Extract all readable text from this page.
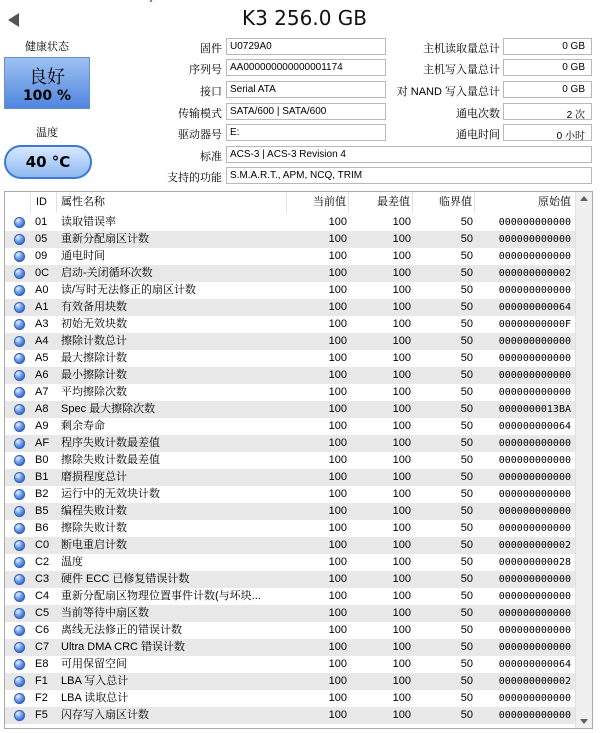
K3 256.0 GB
健康状态
良好
100 %
温度
40 °C
固件 U0729A0
序列号 AA000000000000001174
接口 Serial ATA
传输模式 SATA/600 | SATA/600
驱动器号 E:
标准 ACS-3 | ACS-3 Revision 4
支持的功能 S.M.A.R.T., APM, NCQ, TRIM
主机读取量总计	0 GB
主机写入量总计	0 GB
对 NAND 写入量总计	0 GB
通电次数	2 次
通电时间	0 小时
ID	属性名称	当前值	最差值	临界值	原始值
01	读取错误率	100	100	50	000000000000
05	重新分配扇区计数	100	100	50	000000000000
09	通电时间	100	100	50	000000000000
0C	启动-关闭循环次数	100	100	50	000000000002
A0	读/写时无法修正的扇区计数	100	100	50	000000000000
A1	有效备用块数	100	100	50	000000000064
A3	初始无效块数	100	100	50	00000000000F
A4	擦除计数总计	100	100	50	000000000000
A5	最大擦除计数	100	100	50	000000000000
A6	最小擦除计数	100	100	50	000000000000
A7	平均擦除次数	100	100	50	000000000000
A8	Spec 最大擦除次数	100	100	50	0000000013BA
A9	剩余寿命	100	100	50	000000000064
AF	程序失败计数最差值	100	100	50	000000000000
B0	擦除失败计数最差值	100	100	50	000000000000
B1	磨损程度总计	100	100	50	000000000000
B2	运行中的无效块计数	100	100	50	000000000000
B5	编程失败计数	100	100	50	000000000000
B6	擦除失败计数	100	100	50	000000000000
C0	断电重启计数	100	100	50	000000000002
C2	温度	100	100	50	000000000028
C3	硬件 ECC 已修复错误计数	100	100	50	000000000000
C4	重新分配扇区物理位置事件计数(与坏块...	100	100	50	000000000000
C5	当前等待中扇区数	100	100	50	000000000000
C6	离线无法修正的错误计数	100	100	50	000000000000
C7	Ultra DMA CRC 错误计数	100	100	50	000000000000
E8	可用保留空间	100	100	50	000000000064
F1	LBA 写入总计	100	100	50	000000000002
F2	LBA 读取总计	100	100	50	000000000000
F5	闪存写入扇区计数	100	100	50	000000000000
